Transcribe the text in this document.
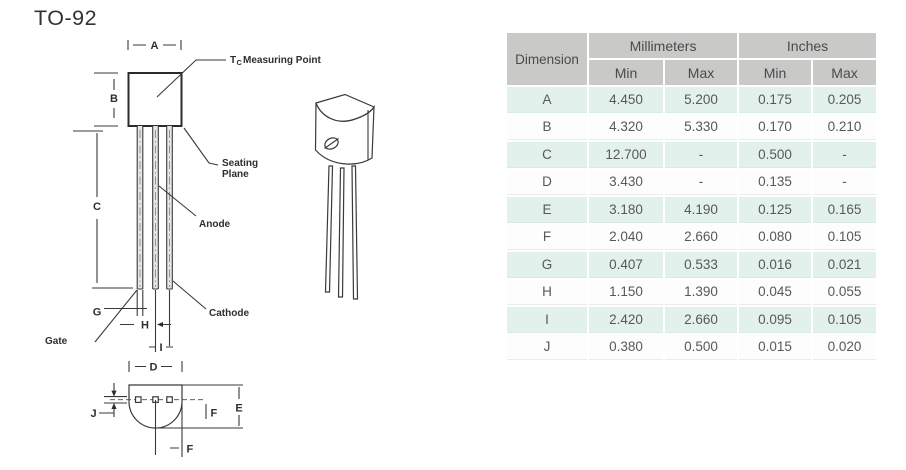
TO-92
A
T C Measuring Point
B
C
Seating
Plane
Anode
Cathode
Gate
G
H
I
D
J	E
F
F
Dimension	Millimeters		Inches	
	Min	Max	Min	Max
A	4.450	5.200	0.175	0.205
B	4.320	5.330	0.170	0.210
C	12.700	-	0.500	-
D	3.430	-	0.135	-
E	3.180	4.190	0.125	0.165
F	2.040	2.660	0.080	0.105
G	0.407	0.533	0.016	0.021
H	1.150	1.390	0.045	0.055
I	2.420	2.660	0.095	0.105
J	0.380	0.500	0.015	0.020
